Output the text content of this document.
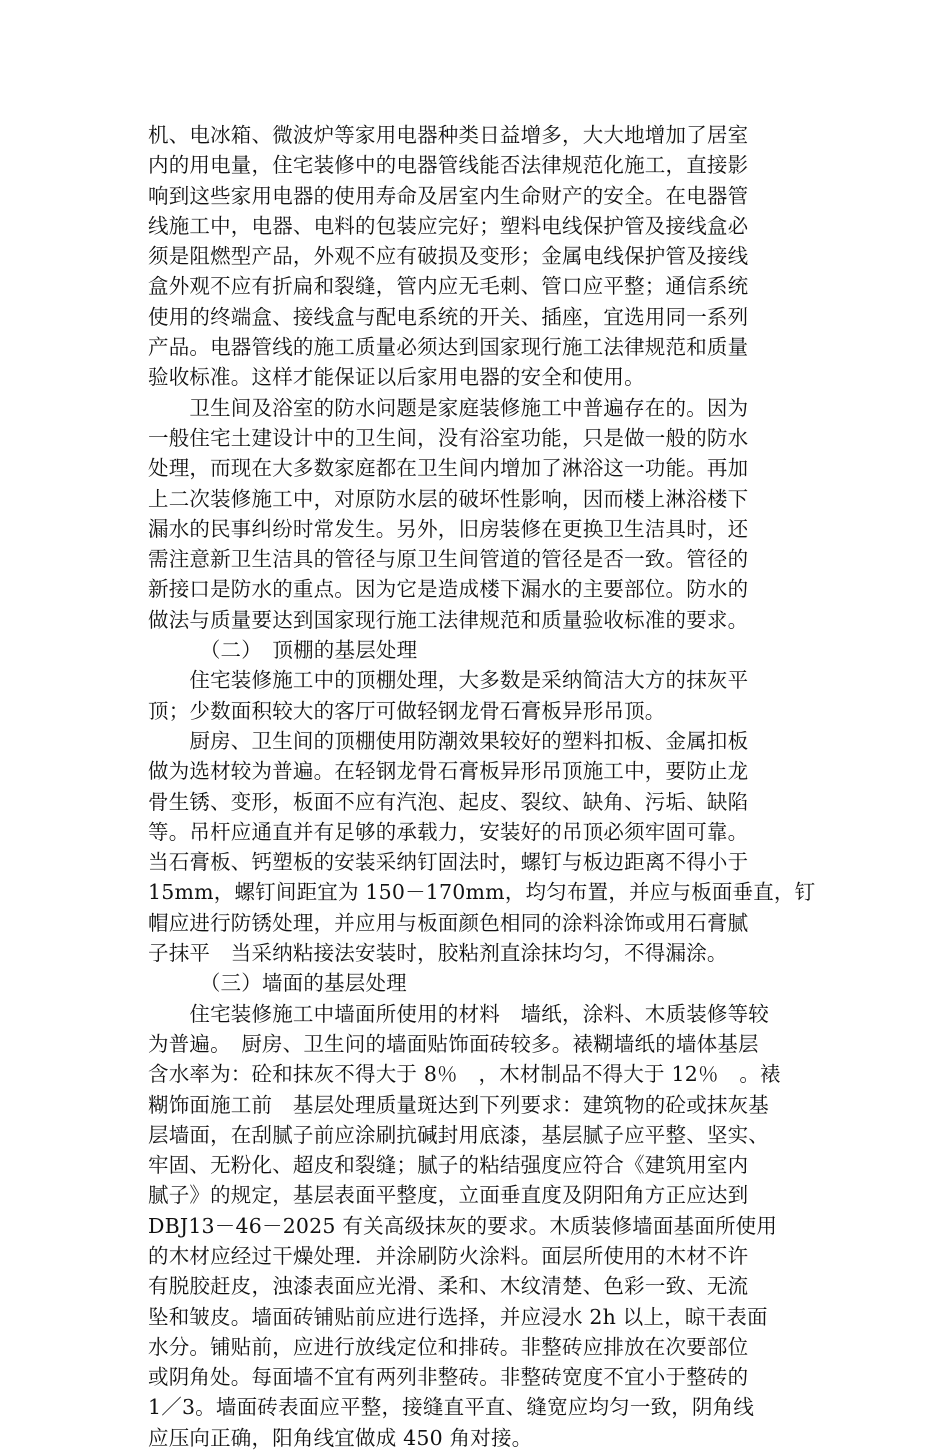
机、电冰箱、微波炉等家用电器种类日益增多，大大地增加了居室
内的用电量，住宅装修中的电器管线能否法律规范化施工，直接影
响到这些家用电器的使用寿命及居室内生命财产的安全。在电器管
线施工中，电器、电料的包装应完好；塑料电线保护管及接线盒必
须是阻燃型产品，外观不应有破损及变形；金属电线保护管及接线
盒外观不应有折扁和裂缝，管内应无毛刺、管口应平整；通信系统
使用的终端盒、接线盒与配电系统的开关、插座，宜选用同一系列
产品。电器管线的施工质量必须达到国家现行施工法律规范和质量
验收标准。这样才能保证以后家用电器的安全和使用。
　　卫生间及浴室的防水问题是家庭装修施工中普遍存在的。因为
一般住宅土建设计中的卫生间，没有浴室功能，只是做一般的防水
处理，而现在大多数家庭都在卫生间内增加了淋浴这一功能。再加
上二次装修施工中，对原防水层的破坏性影响，因而楼上淋浴楼下
漏水的民事纠纷时常发生。另外，旧房装修在更换卫生洁具时，还
需注意新卫生洁具的管径与原卫生间管道的管径是否一致。管径的
新接口是防水的重点。因为它是造成楼下漏水的主要部位。防水的
做法与质量要达到国家现行施工法律规范和质量验收标准的要求。
　　　（二）　顶棚的基层处理
　　住宅装修施工中的顶棚处理，大多数是采纳简洁大方的抹灰平
顶；少数面积较大的客厅可做轻钢龙骨石膏板异形吊顶。
　　厨房、卫生间的顶棚使用防潮效果较好的塑料扣板、金属扣板
做为选材较为普遍。在轻钢龙骨石膏板异形吊顶施工中，要防止龙
骨生锈、变形，板面不应有汽泡、起皮、裂纹、缺角、污垢、缺陷
等。吊杆应通直并有足够的承载力，安装好的吊顶必须牢固可靠。
当石膏板、钙塑板的安装采纳钉固法时，螺钉与板边距离不得小于
15mm，螺钉间距宜为 150－170mm，均匀布置，并应与板面垂直，钉
帽应进行防锈处理，并应用与板面颜色相同的涂料涂饰或用石膏腻
子抹平　当采纳粘接法安装时，胶粘剂直涂抹均匀，不得漏涂。
　　　（三）墙面的基层处理
　　住宅装修施工中墙面所使用的材料　墙纸，涂料、木质装修等较
为普遍。　厨房、卫生问的墙面贴饰面砖较多。裱糊墙纸的墙体基层
含水率为：砼和抹灰不得大于 8％　，木材制品不得大于 12％　。裱
糊饰面施工前　基层处理质量斑达到下列要求：建筑物的砼或抹灰基
层墙面，在刮腻子前应涂刷抗碱封用底漆，基层腻子应平整、坚实、
牢固、无粉化、超皮和裂缝；腻子的粘结强度应符合《建筑用室内
腻子》的规定，基层表面平整度，立面垂直度及阴阳角方正应达到
DBJ13－46－2025 有关高级抹灰的要求。木质装修墙面基面所使用
的木材应经过干燥处理．并涂刷防火涂料。面层所使用的木材不许
有脱胶赶皮，浊漆表面应光滑、柔和、木纹清楚、色彩一致、无流
坠和皱皮。墙面砖铺贴前应进行选择，并应浸水 2h 以上，晾干表面
水分。铺贴前，应进行放线定位和排砖。非整砖应排放在次要部位
或阴角处。每面墙不宜有两列非整砖。非整砖宽度不宜小于整砖的
1／3。墙面砖表面应平整，接缝直平直、缝宽应均匀一致，阴角线
应压向正确，阳角线宜做成 450 角对接。
